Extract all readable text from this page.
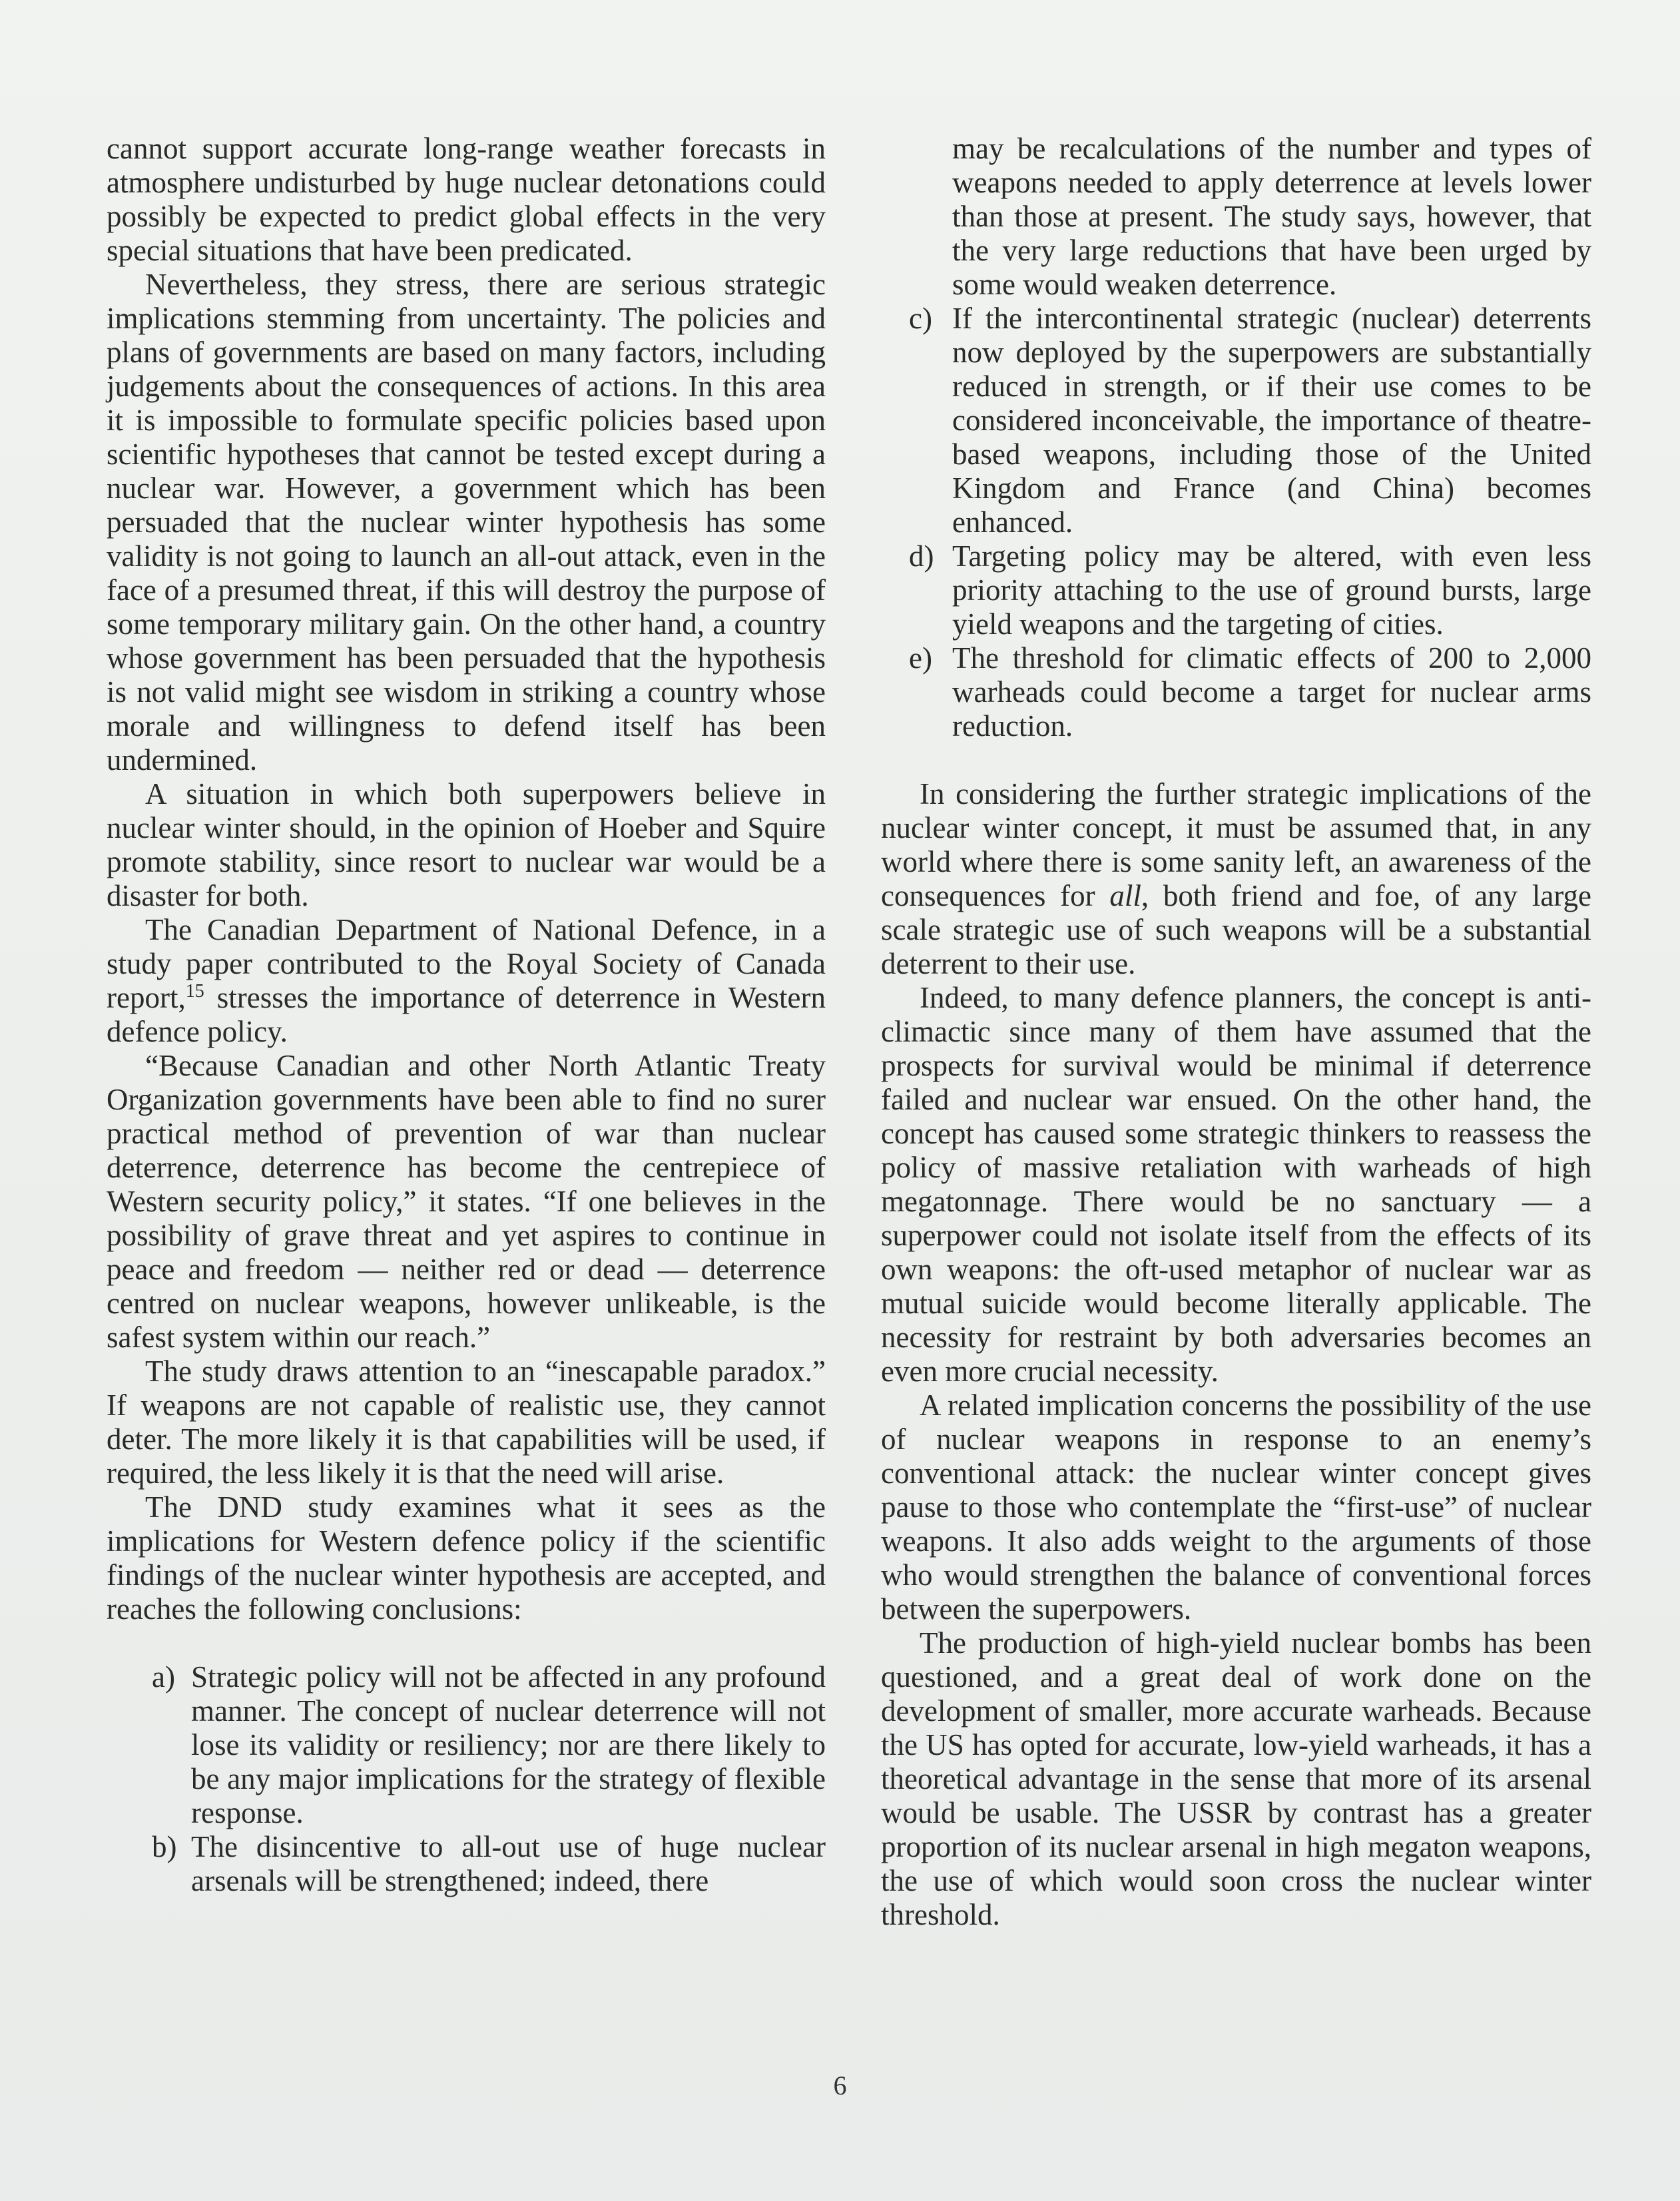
cannot support accurate long-range weather forecasts in atmosphere undisturbed by huge nuclear detonations could possibly be expected to predict global effects in the very special situations that have been predicated.

Nevertheless, they stress, there are serious strategic implications stemming from uncertainty. The policies and plans of governments are based on many factors, including judgements about the consequences of actions. In this area it is impossible to formulate specific policies based upon scientific hypotheses that cannot be tested except during a nuclear war. However, a government which has been persuaded that the nuclear winter hypothesis has some validity is not going to launch an all-out attack, even in the face of a presumed threat, if this will destroy the purpose of some temporary military gain. On the other hand, a country whose government has been persuaded that the hypothesis is not valid might see wisdom in striking a country whose morale and willingness to defend itself has been undermined.

A situation in which both superpowers believe in nuclear winter should, in the opinion of Hoeber and Squire promote stability, since resort to nuclear war would be a disaster for both.

The Canadian Department of National Defence, in a study paper contributed to the Royal Society of Canada report,$^{15}$ stresses the importance of deterrence in Western defence policy.

“Because Canadian and other North Atlantic Treaty Organization governments have been able to find no surer practical method of prevention of war than nuclear deterrence, deterrence has become the centrepiece of Western security policy,” it states. “If one believes in the possibility of grave threat and yet aspires to continue in peace and freedom — neither red or dead — deterrence centred on nuclear weapons, however unlikeable, is the safest system within our reach.”

The study draws attention to an “inescapable paradox.” If weapons are not capable of realistic use, they cannot deter. The more likely it is that capabilities will be used, if required, the less likely it is that the need will arise.

The DND study examines what it sees as the implications for Western defence policy if the scientific findings of the nuclear winter hypothesis are accepted, and reaches the following conclusions:

a) Strategic policy will not be affected in any profound manner. The concept of nuclear deterrence will not lose its validity or resiliency; nor are there likely to be any major implications for the strategy of flexible response.
b) The disincentive to all-out use of huge nuclear arsenals will be strengthened; indeed, there

may be recalculations of the number and types of weapons needed to apply deterrence at levels lower than those at present. The study says, however, that the very large reductions that have been urged by some would weaken deterrence.

c) If the intercontinental strategic (nuclear) deterrents now deployed by the superpowers are substantially reduced in strength, or if their use comes to be considered inconceivable, the importance of theatre-based weapons, including those of the United Kingdom and France (and China) becomes enhanced.
d) Targeting policy may be altered, with even less priority attaching to the use of ground bursts, large yield weapons and the targeting of cities.
e) The threshold for climatic effects of 200 to 2,000 warheads could become a target for nuclear arms reduction.

In considering the further strategic implications of the nuclear winter concept, it must be assumed that, in any world where there is some sanity left, an awareness of the consequences for all, both friend and foe, of any large scale strategic use of such weapons will be a substantial deterrent to their use.

Indeed, to many defence planners, the concept is anti-climactic since many of them have assumed that the prospects for survival would be minimal if deterrence failed and nuclear war ensued. On the other hand, the concept has caused some strategic thinkers to reassess the policy of massive retaliation with warheads of high megatonnage. There would be no sanctuary — a superpower could not isolate itself from the effects of its own weapons: the oft-used metaphor of nuclear war as mutual suicide would become literally applicable. The necessity for restraint by both adversaries becomes an even more crucial necessity.

A related implication concerns the possibility of the use of nuclear weapons in response to an enemy’s conventional attack: the nuclear winter concept gives pause to those who contemplate the “first-use” of nuclear weapons. It also adds weight to the arguments of those who would strengthen the balance of conventional forces between the superpowers.

The production of high-yield nuclear bombs has been questioned, and a great deal of work done on the development of smaller, more accurate warheads. Because the US has opted for accurate, low-yield warheads, it has a theoretical advantage in the sense that more of its arsenal would be usable. The USSR by contrast has a greater proportion of its nuclear arsenal in high megaton weapons, the use of which would soon cross the nuclear winter threshold.

6
